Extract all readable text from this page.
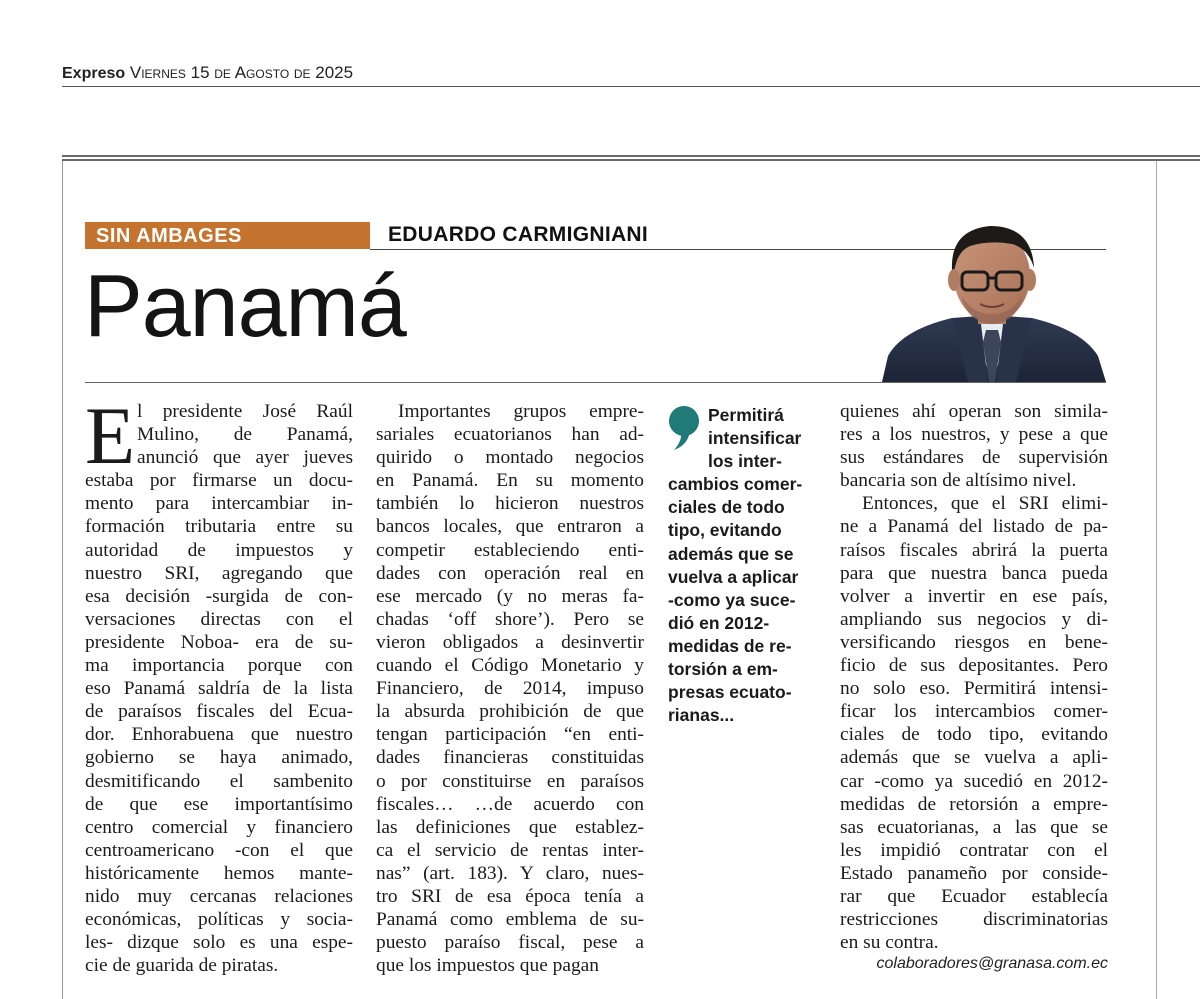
Expreso Viernes 15 de Agosto de 2025
SIN AMBAGES	EDUARDO CARMIGNIANI
Panamá
E l presidente José Raúl
Mulino, de Panamá,
anunció que ayer jueves
estaba por firmarse un docu-
mento para intercambiar in-
formación tributaria entre su
autoridad de impuestos y
nuestro SRI, agregando que
esa decisión -surgida de con-
versaciones directas con el
presidente Noboa- era de su-
ma importancia porque con
eso Panamá saldría de la lista
de paraísos fiscales del Ecua-
dor. Enhorabuena que nuestro
gobierno se haya animado,
desmitificando el sambenito
de que ese importantísimo
centro comercial y financiero
centroamericano -con el que
históricamente hemos mante-
nido muy cercanas relaciones
económicas, políticas y socia-
les- dizque solo es una espe-
cie de guarida de piratas.
Importantes grupos empre-
sariales ecuatorianos han ad-
quirido o montado negocios
en Panamá. En su momento
también lo hicieron nuestros
bancos locales, que entraron a
competir estableciendo enti-
dades con operación real en
ese mercado (y no meras fa-
chadas ‘off shore’). Pero se
vieron obligados a desinvertir
cuando el Código Monetario y
Financiero, de 2014, impuso
la absurda prohibición de que
tengan participación “en enti-
dades financieras constituidas
o por constituirse en paraísos
fiscales… …de acuerdo con
las definiciones que establez-
ca el servicio de rentas inter-
nas” (art. 183). Y claro, nues-
tro SRI de esa época tenía a
Panamá como emblema de su-
puesto paraíso fiscal, pese a
que los impuestos que pagan
Permitirá
intensificar
los inter-
cambios comer-
ciales de todo
tipo, evitando
además que se
vuelva a aplicar
-como ya suce-
dió en 2012-
medidas de re-
torsión a em-
presas ecuato-
rianas...
quienes ahí operan son simila-
res a los nuestros, y pese a que
sus estándares de supervisión
bancaria son de altísimo nivel.
Entonces, que el SRI elimi-
ne a Panamá del listado de pa-
raísos fiscales abrirá la puerta
para que nuestra banca pueda
volver a invertir en ese país,
ampliando sus negocios y di-
versificando riesgos en bene-
ficio de sus depositantes. Pero
no solo eso. Permitirá intensi-
ficar los intercambios comer-
ciales de todo tipo, evitando
además que se vuelva a apli-
car -como ya sucedió en 2012-
medidas de retorsión a empre-
sas ecuatorianas, a las que se
les impidió contratar con el
Estado panameño por conside-
rar que Ecuador establecía
restricciones discriminatorias
en su contra.
colaboradores@granasa.com.ec
